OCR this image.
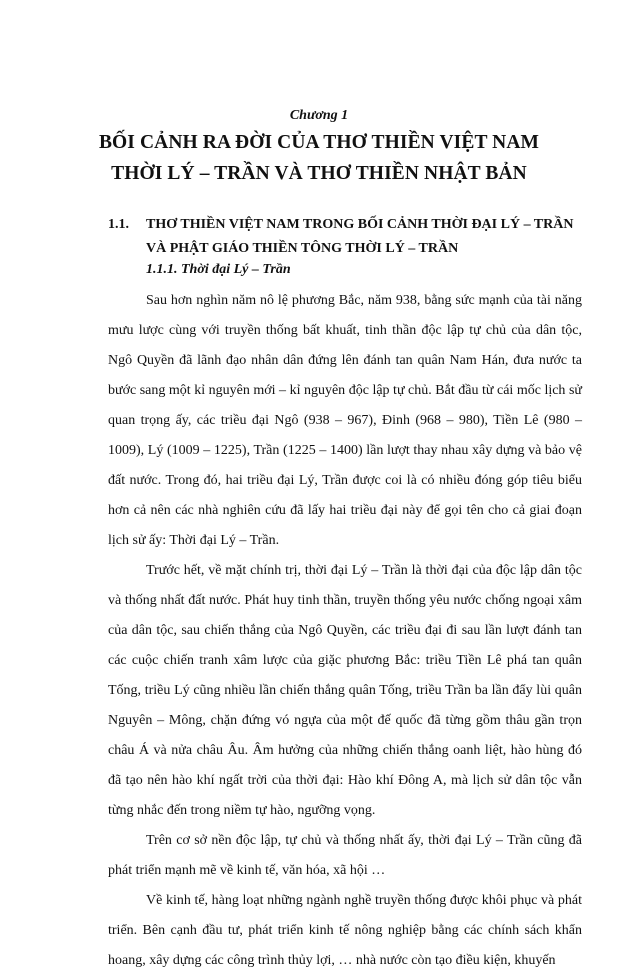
Chương 1
BỐI CẢNH RA ĐỜI CỦA THƠ THIỀN VIỆT NAM
THỜI LÝ – TRẦN VÀ THƠ THIỀN NHẬT BẢN
1.1. THƠ THIỀN VIỆT NAM TRONG BỐI CẢNH THỜI ĐẠI LÝ – TRẦN VÀ PHẬT GIÁO THIỀN TÔNG THỜI LÝ – TRẦN
1.1.1. Thời đại Lý – Trần

Sau hơn nghìn năm nô lệ phương Bắc, năm 938, bằng sức mạnh của tài năng mưu lược cùng với truyền thống bất khuất, tinh thần độc lập tự chủ của dân tộc, Ngô Quyền đã lãnh đạo nhân dân đứng lên đánh tan quân Nam Hán, đưa nước ta bước sang một kỉ nguyên mới – kỉ nguyên độc lập tự chủ. Bắt đầu từ cái mốc lịch sử quan trọng ấy, các triều đại Ngô (938 – 967), Đinh (968 – 980), Tiền Lê (980 – 1009), Lý (1009 – 1225), Trần (1225 – 1400) lần lượt thay nhau xây dựng và bảo vệ đất nước. Trong đó, hai triều đại Lý, Trần được coi là có nhiều đóng góp tiêu biểu hơn cả nên các nhà nghiên cứu đã lấy hai triều đại này để gọi tên cho cả giai đoạn lịch sử ấy: Thời đại Lý – Trần.

Trước hết, về mặt chính trị, thời đại Lý – Trần là thời đại của độc lập dân tộc và thống nhất đất nước. Phát huy tinh thần, truyền thống yêu nước chống ngoại xâm của dân tộc, sau chiến thắng của Ngô Quyền, các triều đại đi sau lần lượt đánh tan các cuộc chiến tranh xâm lược của giặc phương Bắc: triều Tiền Lê phá tan quân Tống, triều Lý cũng nhiều lần chiến thắng quân Tống, triều Trần ba lần đẩy lùi quân Nguyên – Mông, chặn đứng vó ngựa của một đế quốc đã từng gồm thâu gần trọn châu Á và nửa châu Âu. Âm hưởng của những chiến thắng oanh liệt, hào hùng đó đã tạo nên hào khí ngất trời của thời đại: Hào khí Đông A, mà lịch sử dân tộc vẫn từng nhắc đến trong niềm tự hào, ngưỡng vọng.

Trên cơ sở nền độc lập, tự chủ và thống nhất ấy, thời đại Lý – Trần cũng đã phát triển mạnh mẽ về kinh tế, văn hóa, xã hội …

Về kinh tế, hàng loạt những ngành nghề truyền thống được khôi phục và phát triển. Bên cạnh đầu tư, phát triển kinh tế nông nghiệp bằng các chính sách khẩn hoang, xây dựng các công trình thủy lợi, … nhà nước còn tạo điều kiện, khuyến
